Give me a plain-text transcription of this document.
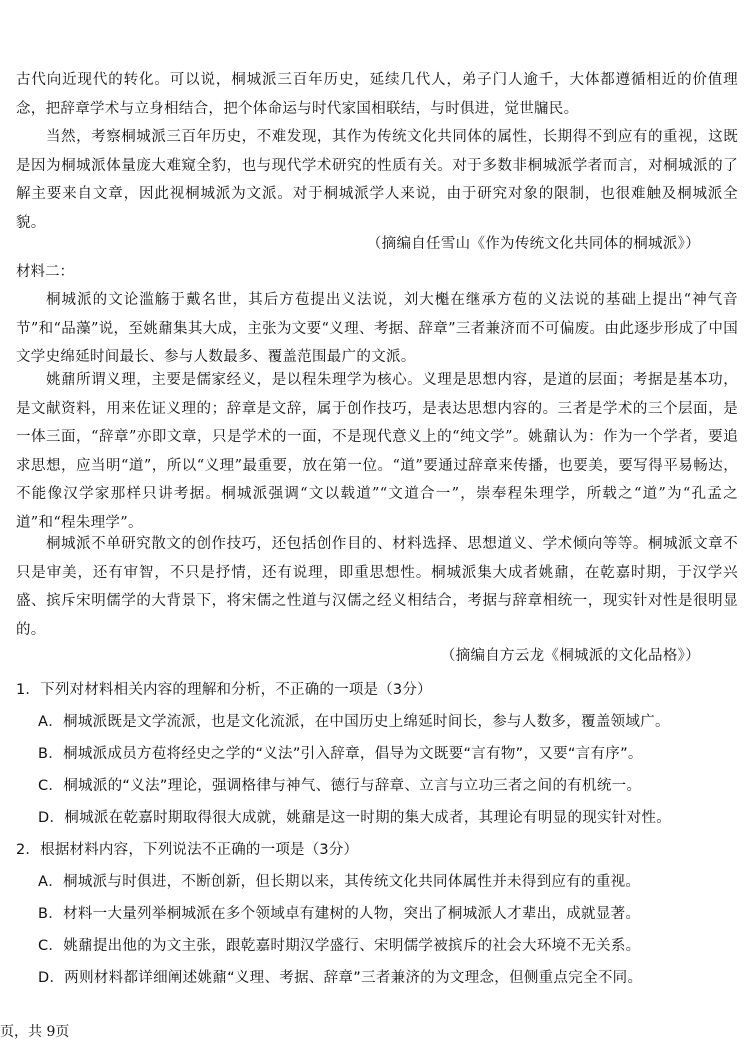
古代向近现代的转化。可以说，桐城派三百年历史，延续几代人，弟子门人逾千，大体都遵循相近的价值理念，把辞章学术与立身相结合，把个体命运与时代家国相联结，与时俱进，觉世牖民。
当然，考察桐城派三百年历史，不难发现，其作为传统文化共同体的属性，长期得不到应有的重视，这既是因为桐城派体量庞大难窥全豹，也与现代学术研究的性质有关。对于多数非桐城派学者而言，对桐城派的了解主要来自文章，因此视桐城派为文派。对于桐城派学人来说，由于研究对象的限制，也很难触及桐城派全貌。
（摘编自任雪山《作为传统文化共同体的桐城派》）
材料二：
桐城派的文论滥觞于戴名世，其后方苞提出义法说，刘大櫆在继承方苞的义法说的基础上提出“神气音节”和“品藻”说，至姚鼐集其大成，主张为文要“义理、考据、辞章”三者兼济而不可偏废。由此逐步形成了中国文学史绵延时间最长、参与人数最多、覆盖范围最广的文派。
姚鼐所谓义理，主要是儒家经义，是以程朱理学为核心。义理是思想内容，是道的层面；考据是基本功，是文献资料，用来佐证义理的；辞章是文辞，属于创作技巧，是表达思想内容的。三者是学术的三个层面，是一体三面，“辞章”亦即文章，只是学术的一面，不是现代意义上的“纯文学”。姚鼐认为：作为一个学者，要追求思想，应当明“道”，所以“义理”最重要，放在第一位。“道”要通过辞章来传播，也要美，要写得平易畅达，不能像汉学家那样只讲考据。桐城派强调“文以载道”“文道合一”，崇奉程朱理学，所载之“道”为“孔孟之道”和“程朱理学”。
桐城派不单研究散文的创作技巧，还包括创作目的、材料选择、思想道义、学术倾向等等。桐城派文章不只是审美，还有审智，不只是抒情，还有说理，即重思想性。桐城派集大成者姚鼐，在乾嘉时期，于汉学兴盛、摈斥宋明儒学的大背景下，将宋儒之性道与汉儒之经义相结合，考据与辞章相统一，现实针对性是很明显的。
（摘编自方云龙《桐城派的文化品格》）
1．下列对材料相关内容的理解和分析，不正确的一项是（3分）
A．桐城派既是文学流派，也是文化流派，在中国历史上绵延时间长，参与人数多，覆盖领域广。
B．桐城派成员方苞将经史之学的“义法”引入辞章，倡导为文既要“言有物”，又要“言有序”。
C．桐城派的“义法”理论，强调格律与神气、德行与辞章、立言与立功三者之间的有机统一。
D．桐城派在乾嘉时期取得很大成就，姚鼐是这一时期的集大成者，其理论有明显的现实针对性。
2．根据材料内容，下列说法不正确的一项是（3分）
A．桐城派与时俱进，不断创新，但长期以来，其传统文化共同体属性并未得到应有的重视。
B．材料一大量列举桐城派在多个领域卓有建树的人物，突出了桐城派人才辈出，成就显著。
C．姚鼐提出他的为文主张，跟乾嘉时期汉学盛行、宋明儒学被摈斥的社会大环境不无关系。
D．两则材料都详细阐述姚鼐“义理、考据、辞章”三者兼济的为文理念，但侧重点完全不同。
页，共 9页
